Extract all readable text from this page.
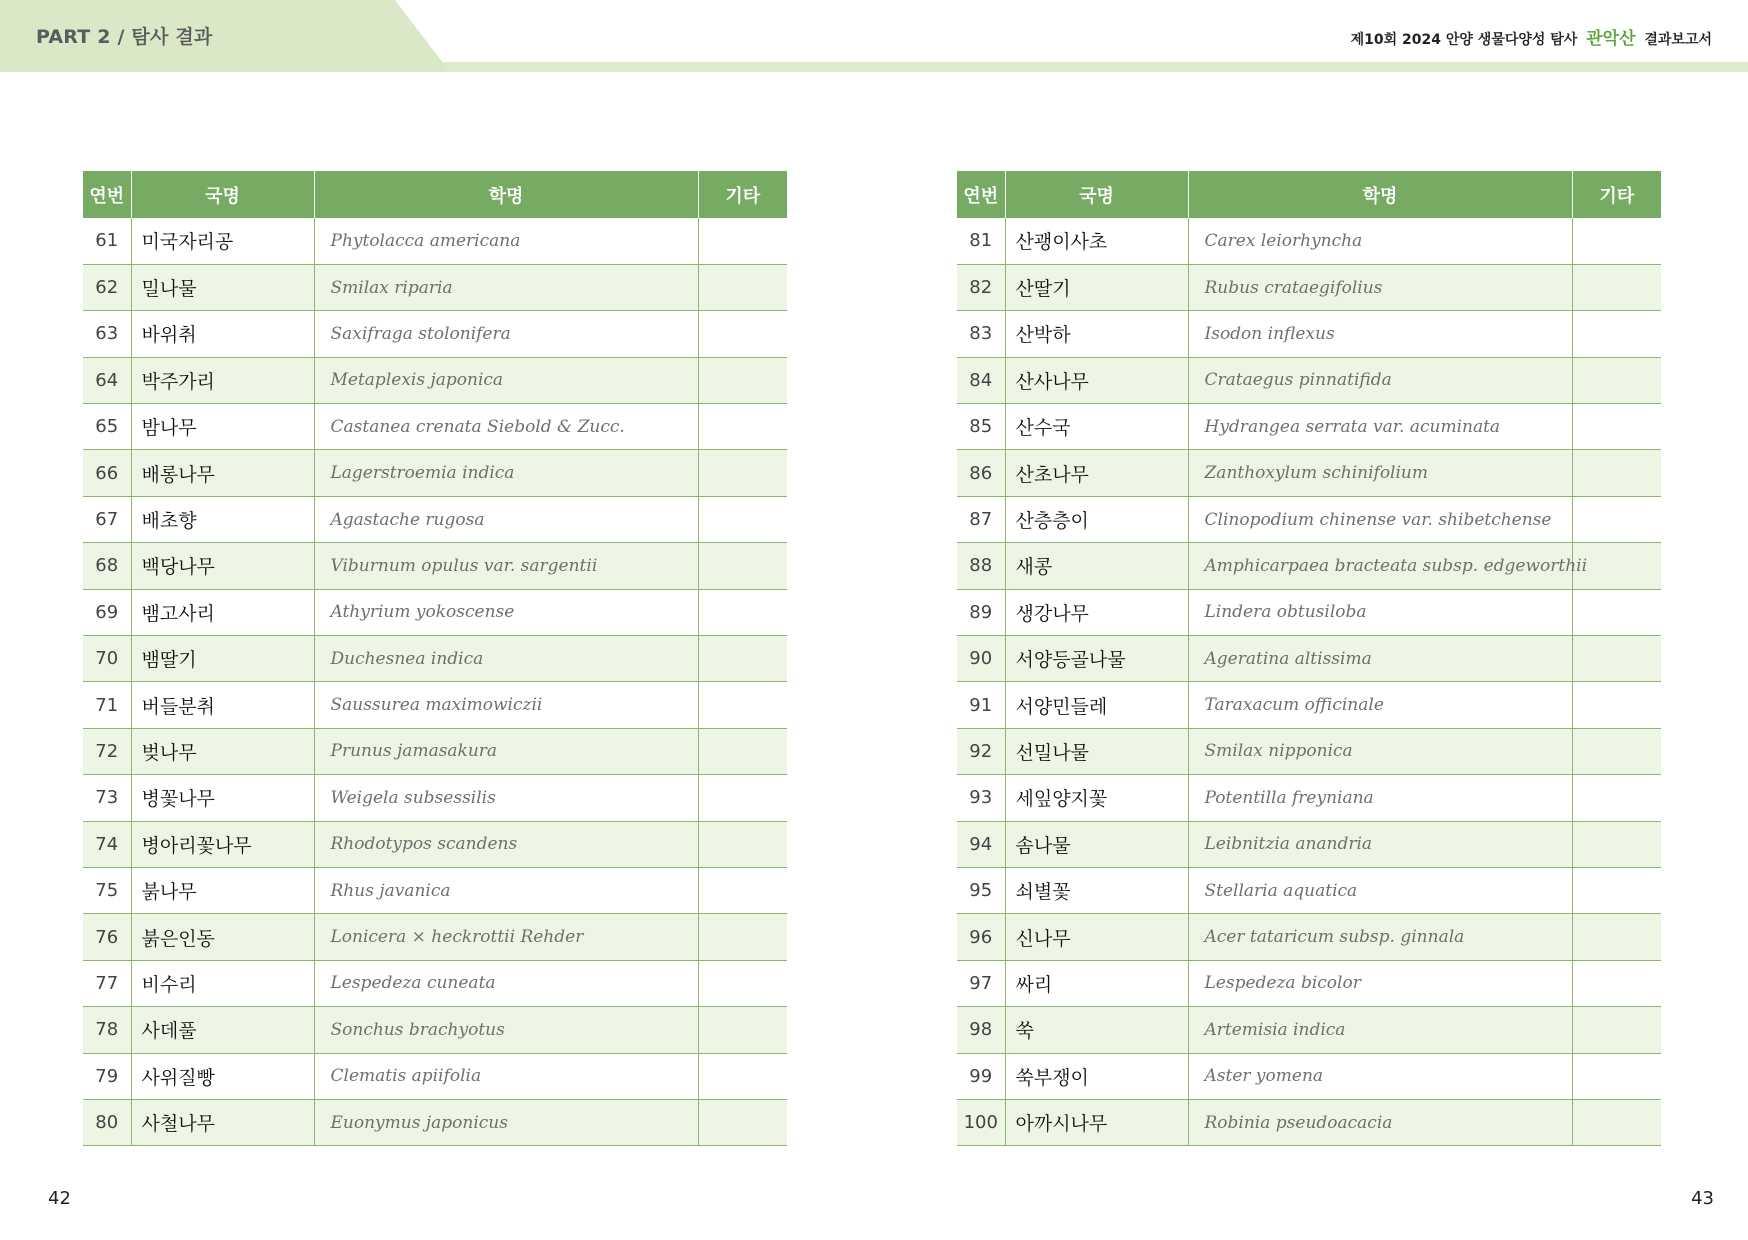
PART 2 / 탐사 결과	제10회 2024 안양 생물다양성 탐사 관악산 결과보고서
연번	국명	학명	기타
61	미국자리공	Phytolacca americana	
62	밀나물	Smilax riparia	
63	바위취	Saxifraga stolonifera	
64	박주가리	Metaplexis japonica	
65	밤나무	Castanea crenata Siebold & Zucc.	
66	배롱나무	Lagerstroemia indica	
67	배초향	Agastache rugosa	
68	백당나무	Viburnum opulus var. sargentii	
69	뱀고사리	Athyrium yokoscense	
70	뱀딸기	Duchesnea indica	
71	버들분취	Saussurea maximowiczii	
72	벚나무	Prunus jamasakura	
73	병꽃나무	Weigela subsessilis	
74	병아리꽃나무	Rhodotypos scandens	
75	붉나무	Rhus javanica	
76	붉은인동	Lonicera × heckrottii Rehder	
77	비수리	Lespedeza cuneata	
78	사데풀	Sonchus brachyotus	
79	사위질빵	Clematis apiifolia	
80	사철나무	Euonymus japonicus	
연번	국명	학명	기타
81	산괭이사초	Carex leiorhyncha	
82	산딸기	Rubus crataegifolius	
83	산박하	Isodon inflexus	
84	산사나무	Crataegus pinnatifida	
85	산수국	Hydrangea serrata var. acuminata	
86	산초나무	Zanthoxylum schinifolium	
87	산층층이	Clinopodium chinense var. shibetchense	
88	새콩	Amphicarpaea bracteata subsp. edgeworthii	
89	생강나무	Lindera obtusiloba	
90	서양등골나물	Ageratina altissima	
91	서양민들레	Taraxacum officinale	
92	선밀나물	Smilax nipponica	
93	세잎양지꽃	Potentilla freyniana	
94	솜나물	Leibnitzia anandria	
95	쇠별꽃	Stellaria aquatica	
96	신나무	Acer tataricum subsp. ginnala	
97	싸리	Lespedeza bicolor	
98	쑥	Artemisia indica	
99	쑥부쟁이	Aster yomena	
100	아까시나무	Robinia pseudoacacia	
42	43
